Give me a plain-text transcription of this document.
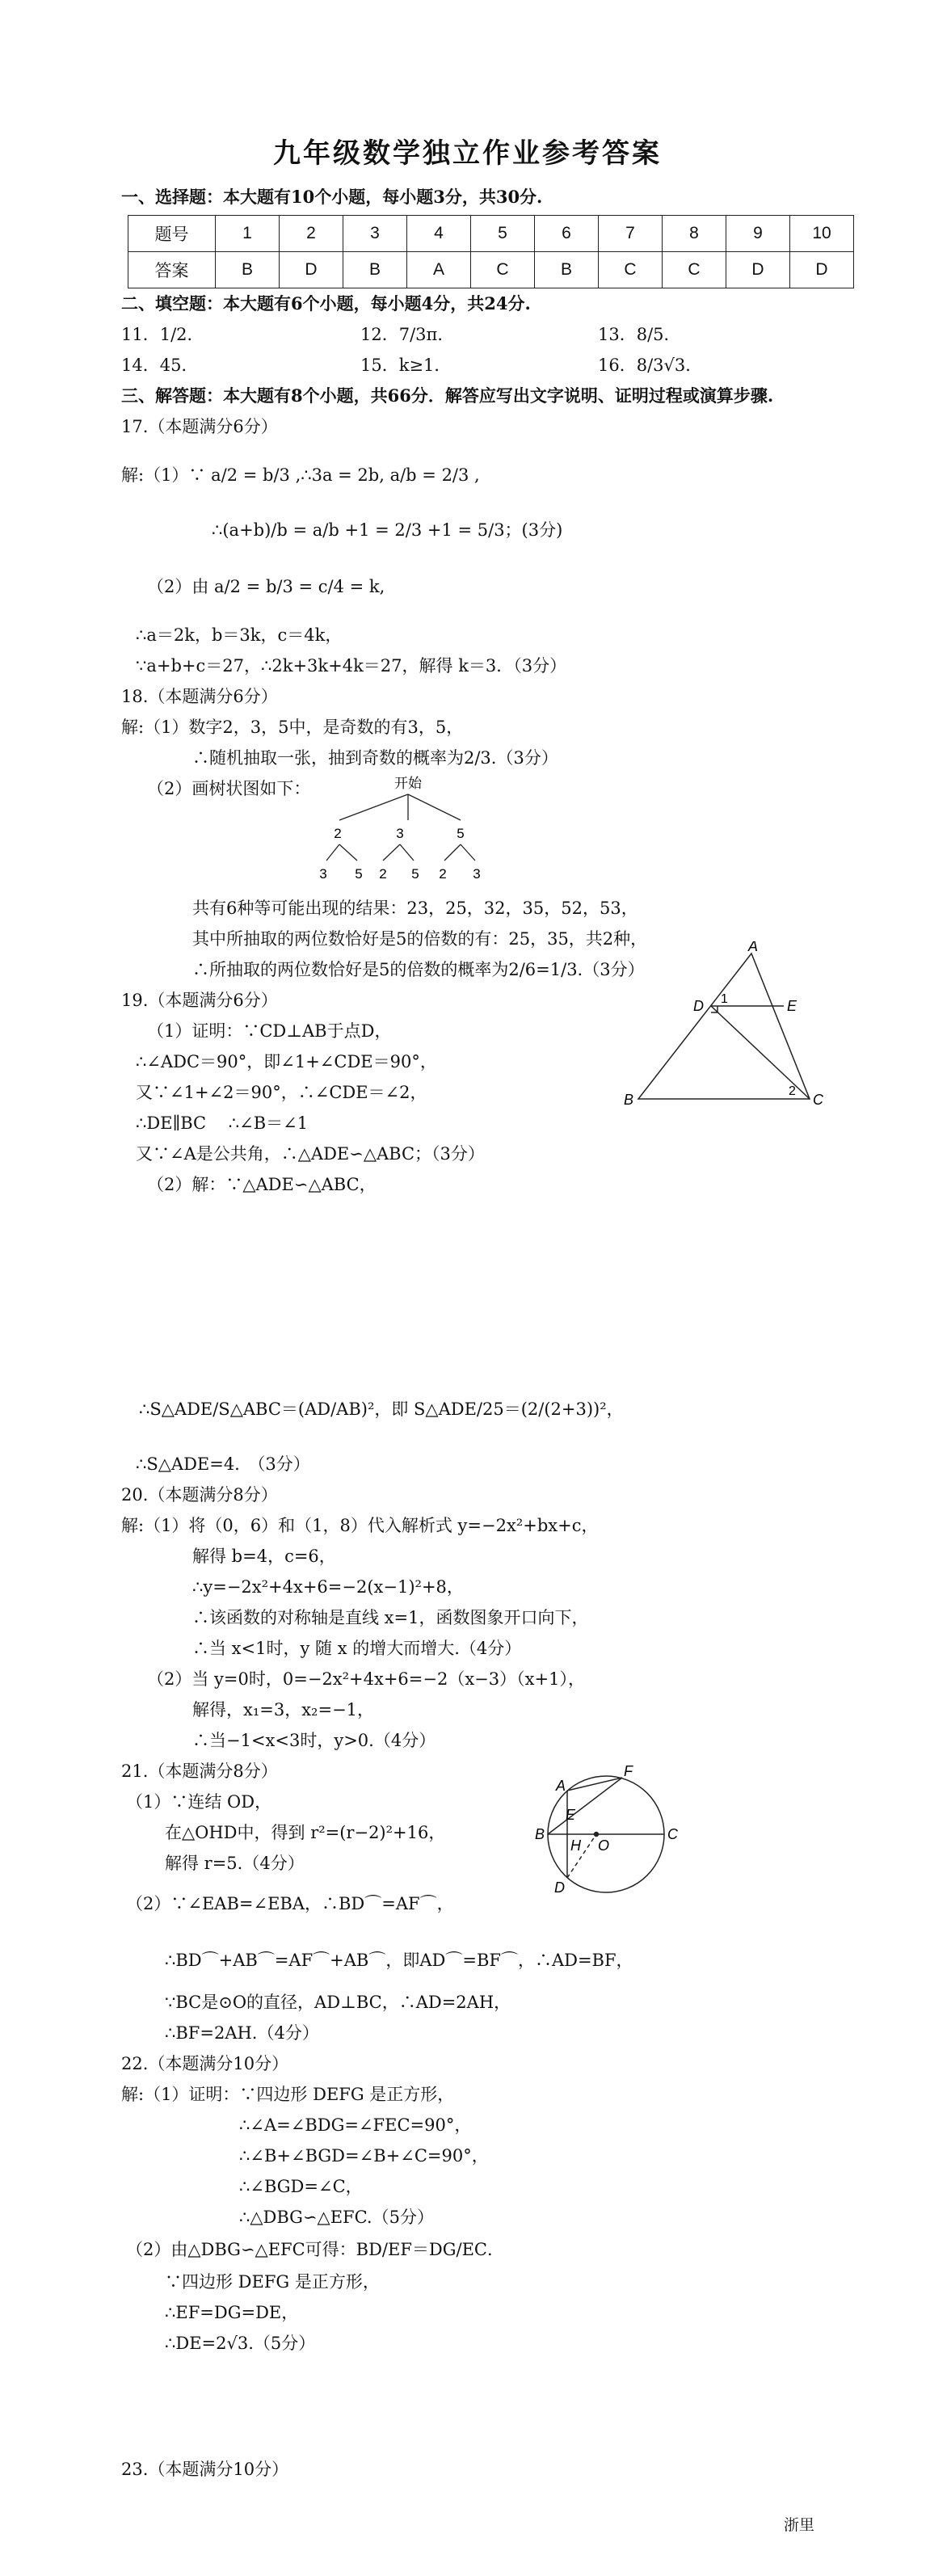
九年级数学独立作业参考答案
一、选择题：本大题有10个小题，每小题3分，共30分.
题号	1	2	3	4	5	6	7	8	9	10
答案	B	D	B	A	C	B	C	C	D	D
二、填空题：本大题有6个小题，每小题4分，共24分.
11．1/2．	12．7/3π．	13．8/5．
14．45．	15．k≥1．	16．8/3√3．
三、解答题：本大题有8个小题，共66分．解答应写出文字说明、证明过程或演算步骤.
17.（本题满分6分）
解:（1）∵ a/2 = b/3 ,∴3a = 2b, a/b = 2/3 ,
∴(a+b)/b = a/b +1 = 2/3 +1 = 5/3；(3分)
（2）由 a/2 = b/3 = c/4 = k,
∴a＝2k，b＝3k，c＝4k，
∵a+b+c＝27，∴2k+3k+4k＝27，解得 k＝3．（3分）
18.（本题满分6分）
解:（1）数字2，3，5中，是奇数的有3，5，
∴随机抽取一张，抽到奇数的概率为2/3.（3分）
（2）画树状图如下：	开始
2	3	5
3 5 2 5 2 3
共有6种等可能出现的结果：23，25，32，35，52，53，
其中所抽取的两位数恰好是5的倍数的有：25，35，共2种，
∴所抽取的两位数恰好是5的倍数的概率为2/6=1/3.（3分）
19.（本题满分6分）
（1）证明：∵CD⊥AB于点D，
∴∠ADC＝90°，即∠1+∠CDE＝90°，
又∵∠1+∠2＝90°，∴∠CDE＝∠2，
∴DE∥BC　 ∴∠B＝∠1
又∵∠A是公共角，∴△ADE∽△ABC；（3分）
（2）解：∵△ADE∽△ABC，
A
D	E
1
2
B	C
∴S△ADE/S△ABC＝(AD/AB)²，即 S△ADE/25＝(2/(2+3))²，
∴S△ADE=4.　（3分）
20.（本题满分8分）
解:（1）将（0，6）和（1，8）代入解析式 y=−2x²+bx+c，
解得 b=4，c=6，
∴y=−2x²+4x+6=−2(x−1)²+8，
∴该函数的对称轴是直线 x=1，函数图象开口向下，
∴当 x<1时，y 随 x 的增大而增大.（4分）
（2）当 y=0时，0=−2x²+4x+6=−2（x−3）（x+1），
解得，x₁=3，x₂=−1，
∴当−1<x<3时，y>0.（4分）
21.（本题满分8分）
（1）∵连结 OD，
在△OHD中，得到 r²=(r−2)²+16，
解得 r=5.（4分）
（2）∵∠EAB=∠EBA，∴BD⌒=AF⌒，
∴BD⌒+AB⌒=AF⌒+AB⌒，即AD⌒=BF⌒，∴AD=BF，
∵BC是⊙O的直径，AD⊥BC，∴AD=2AH，
∴BF=2AH.（4分）
A
F
E
B
H O
C
D
22.（本题满分10分）
解:（1）证明：∵四边形 DEFG 是正方形，
∴∠A=∠BDG=∠FEC=90°，
∴∠B+∠BGD=∠B+∠C=90°，
∴∠BGD=∠C，
∴△DBG∽△EFC.（5分）
（2）由△DBG∽△EFC可得：BD/EF＝DG/EC．
∵四边形 DEFG 是正方形，
∴EF=DG=DE，
∴DE=2√3.（5分）
23.（本题满分10分）
浙里
